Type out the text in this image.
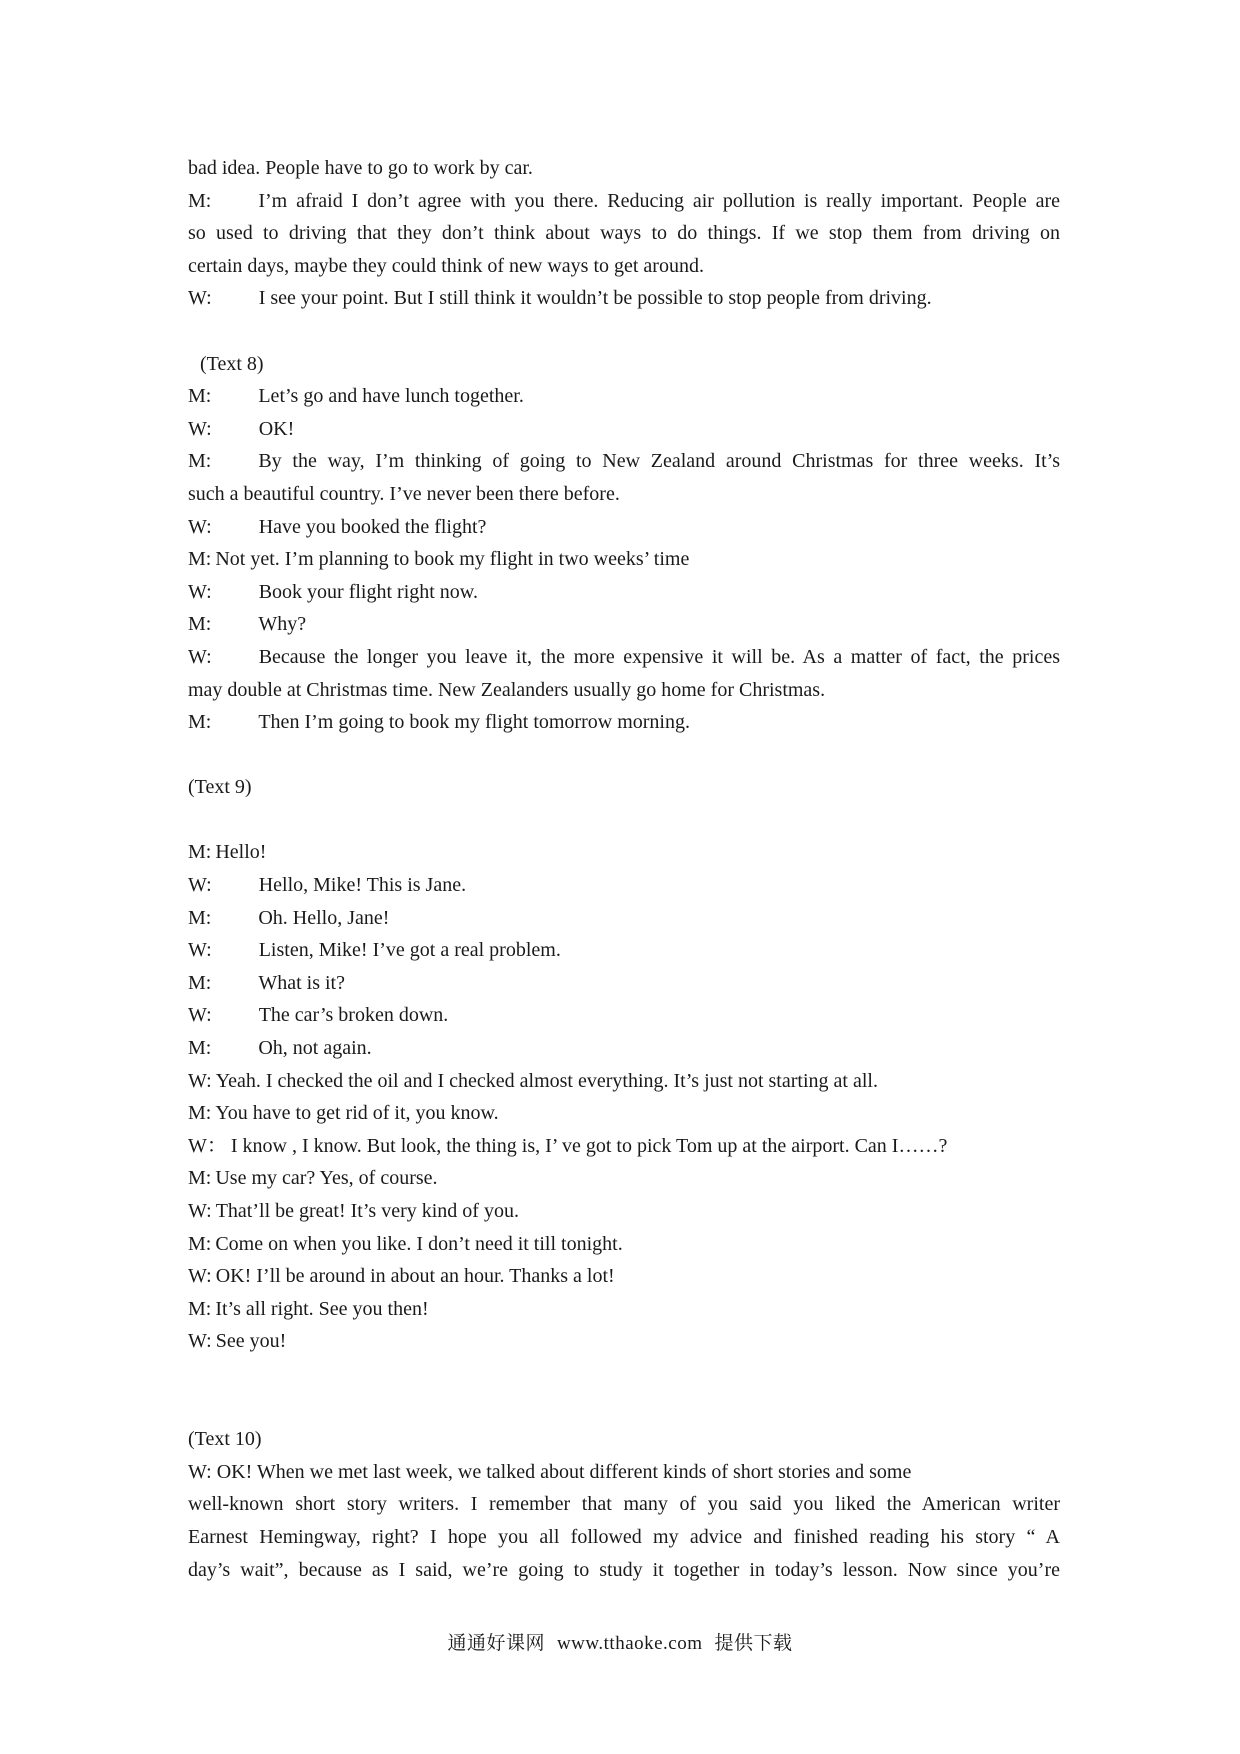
bad idea. People have to go to work by car.
M: I’m afraid I don’t agree with you there. Reducing air pollution is really important. People are
so used to driving that they don’t think about ways to do things. If we stop them from driving on
certain days, maybe they could think of new ways to get around.
W: I see your point. But I still think it wouldn’t be possible to stop people from driving.
(Text 8)
M: Let’s go and have lunch together.
W: OK!
M: By the way, I’m thinking of going to New Zealand around Christmas for three weeks. It’s
such a beautiful country. I’ve never been there before.
W: Have you booked the flight?
M: Not yet. I’m planning to book my flight in two weeks’ time
W: Book your flight right now.
M: Why?
W: Because the longer you leave it, the more expensive it will be. As a matter of fact, the prices
may double at Christmas time. New Zealanders usually go home for Christmas.
M: Then I’m going to book my flight tomorrow morning.
(Text 9)
M: Hello!
W: Hello, Mike! This is Jane.
M: Oh. Hello, Jane!
W: Listen, Mike! I’ve got a real problem.
M: What is it?
W: The car’s broken down.
M: Oh, not again.
W: Yeah. I checked the oil and I checked almost everything. It’s just not starting at all.
M: You have to get rid of it, you know.
W： I know , I know. But look, the thing is, I’ ve got to pick Tom up at the airport. Can I……?
M: Use my car? Yes, of course.
W: That’ll be great! It’s very kind of you.
M: Come on when you like. I don’t need it till tonight.
W: OK! I’ll be around in about an hour. Thanks a lot!
M: It’s all right. See you then!
W: See you!
(Text 10)
W: OK! When we met last week, we talked about different kinds of short stories and some
well-known short story writers. I remember that many of you said you liked the American writer
Earnest Hemingway, right? I hope you all followed my advice and finished reading his story “ A
day’s wait”, because as I said, we’re going to study it together in today’s lesson. Now since you’re
通通好课网 www.tthaoke.com 提供下载
